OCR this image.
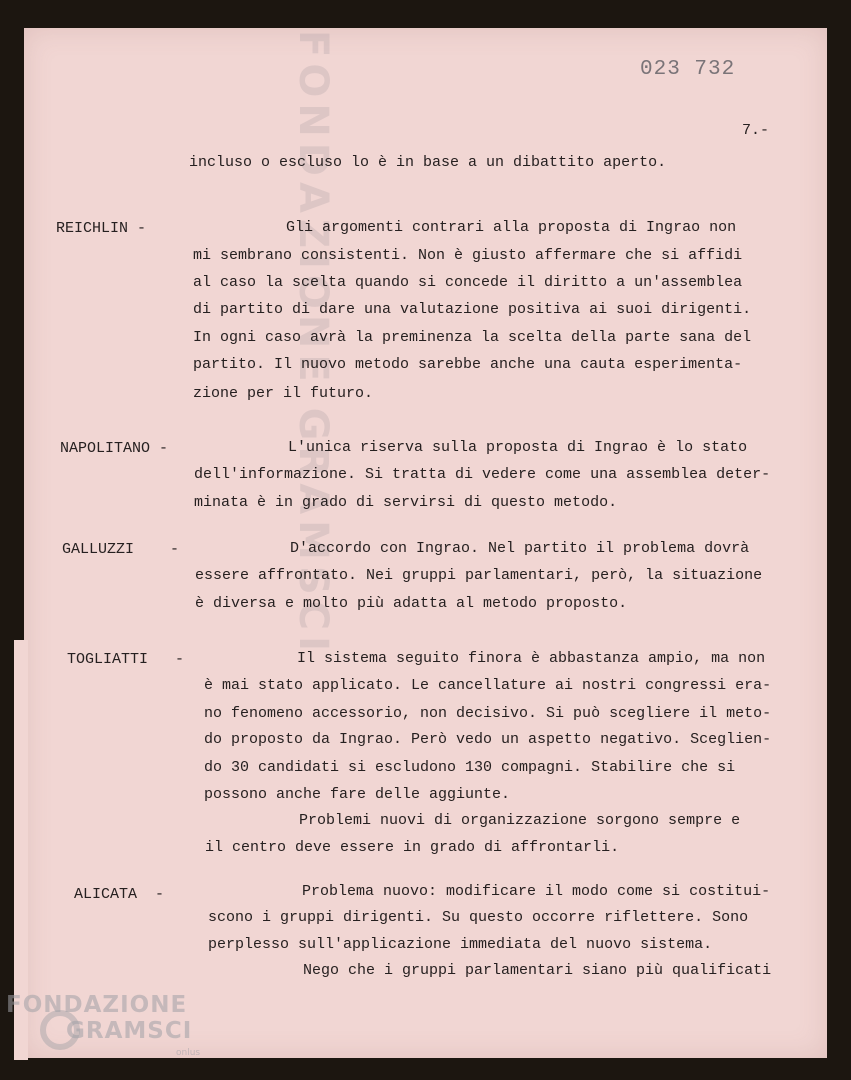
FONDAZIONE GRAMSCI	023 732
7.-
REICHLIN -
NAPOLITANO -
GALLUZZI    -
TOGLIATTI   -
ALICATA  -
incluso o escluso lo è in base a un dibattito aperto.
Gli argomenti contrari alla proposta di Ingrao non
mi sembrano consistenti. Non è giusto affermare che si affidi
al caso la scelta quando si concede il diritto a un'assemblea
di partito di dare una valutazione positiva ai suoi dirigenti.
In ogni caso avrà la preminenza la scelta della parte sana del
partito. Il nuovo metodo sarebbe anche una cauta esperimenta-
zione per il futuro.
L'unica riserva sulla proposta di Ingrao è lo stato
dell'informazione. Si tratta di vedere come una assemblea deter-
minata è in grado di servirsi di questo metodo.
D'accordo con Ingrao. Nel partito il problema dovrà
essere affrontato. Nei gruppi parlamentari, però, la situazione
è diversa e molto più adatta al metodo proposto.
Il sistema seguito finora è abbastanza ampio, ma non
è mai stato applicato. Le cancellature ai nostri congressi era-
no fenomeno accessorio, non decisivo. Si può scegliere il meto-
do proposto da Ingrao. Però vedo un aspetto negativo. Sceglien-
do 30 candidati si escludono 130 compagni. Stabilire che si
possono anche fare delle aggiunte.
Problemi nuovi di organizzazione sorgono sempre e
il centro deve essere in grado di affrontarli.
Problema nuovo: modificare il modo come si costitui-
scono i gruppi dirigenti. Su questo occorre riflettere. Sono
perplesso sull'applicazione immediata del nuovo sistema.
Nego che i gruppi parlamentari siano più qualificati
FONDAZIONE
GRAMSCI
onlus
